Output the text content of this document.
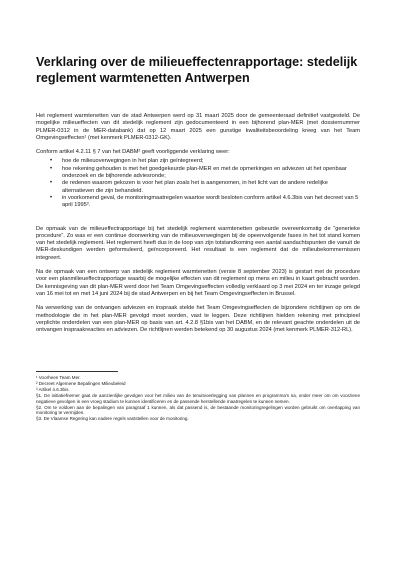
Verklaring over de milieueffectenrapportage: stedelijk reglement warmtenetten Antwerpen

Het reglement warmtenetten van de stad Antwerpen werd op 31 maart 2025 door de gemeenteraad definitief vastgesteld. De mogelijke milieueffecten van dit stedelijk reglement zijn gedocumenteerd in een bijhorend plan-MER (met dossiernummer PLMER-0312 in de MER-databank) dat op 12 maart 2025 een gunstige kwaliteitsbeoordeling kreeg van het Team Omgevingseffecten¹ (met kenmerk PLMER-0312-GK).

Conform artikel 4.2.11 § 7 van het DABM² geeft voorliggende verklaring weer:

• hoe de milieuoverwegingen in het plan zijn geïntegreerd;
• hoe rekening gehouden is met het goedgekeurde plan-MER en met de opmerkingen en adviezen uit het openbaar onderzoek en de bijhorende adviesronde;
• de redenen waarom gekozen is voor het plan zoals het is aangenomen, in het licht van de andere redelijke alternatieven die zijn behandeld.
• in voorkomend geval, de monitoringmaatregelen waartoe wordt besloten conform artikel 4.6.3bis van het decreet van 5 april 1995³.

De opmaak van de milieueffectrapportage bij het stedelijk reglement warmtenetten gebeurde overeenkomstig de “generieke procedure”. Zo was er een continue doorwerking van de milieuoverwegingen bij de opeenvolgende fases in het tot stand komen van het stedelijk reglement. Het reglement heeft dus in de loop van zijn totstandkoming een aantal aandachtspunten die vanuit de MER-deskundigen werden geformuleerd, geïncorporeerd. Het resultaat is een reglement dat de milieubekommernissen integreert.

Na de opmaak van een ontwerp van stedelijk reglement warmtenetten (versie 8 september 2023) is gestart met de procedure voor een planmilieueffectrapportage waarbij de mogelijke effecten van dit reglement op mens en milieu in kaart gebracht worden. De kennisgeving van dit plan-MER werd door het Team Omgevingseffecten volledig verklaard op 3 mei 2024 en ter inzage gelegd van 16 mei tot en met 14 juni 2024 bij de stad Antwerpen en bij het Team Omgevingseffecten in Brussel.

Na verwerking van de ontvangen adviezen en inspraak stelde het Team Omgevingseffecten de bijzondere richtlijnen op om de methodologie die in het plan-MER gevolgd moet worden, vast te leggen. Deze richtlijnen hielden rekening met principieel verplichte onderdelen van een plan-MER op basis van art. 4.2.8 §1bis van het DABM, en de relevant geachte onderdelen uit de ontvangen inspraakreacties en adviezen. De richtlijnen werden betekend op 30 augustus 2024 (met kenmerk PLMER-312-RL).

¹ Voorheen Team Mer.

² Decreet Algemene Bepalingen Milieubeleid

³ Artikel 4.6.3bis.

§1. De initiatiefnemer gaat de aanzienlijke gevolgen voor het milieu van de tenuitvoerlegging van plannen en programma's na, onder meer om om voorziene negatieve gevolgen in een vroeg stadium te kunnen identificeren en de passende herstellende maatregelen te kunnen nemen.

§2. Om te voldoen aan de bepalingen van paragraaf 1 kunnen, als dat passend is, de bestaande monitoringregelingen worden gebruikt om overlapping van monitoring te vermijden.

§3. De Vlaamse Regering kan nadere regels vaststellen voor de monitoring.
